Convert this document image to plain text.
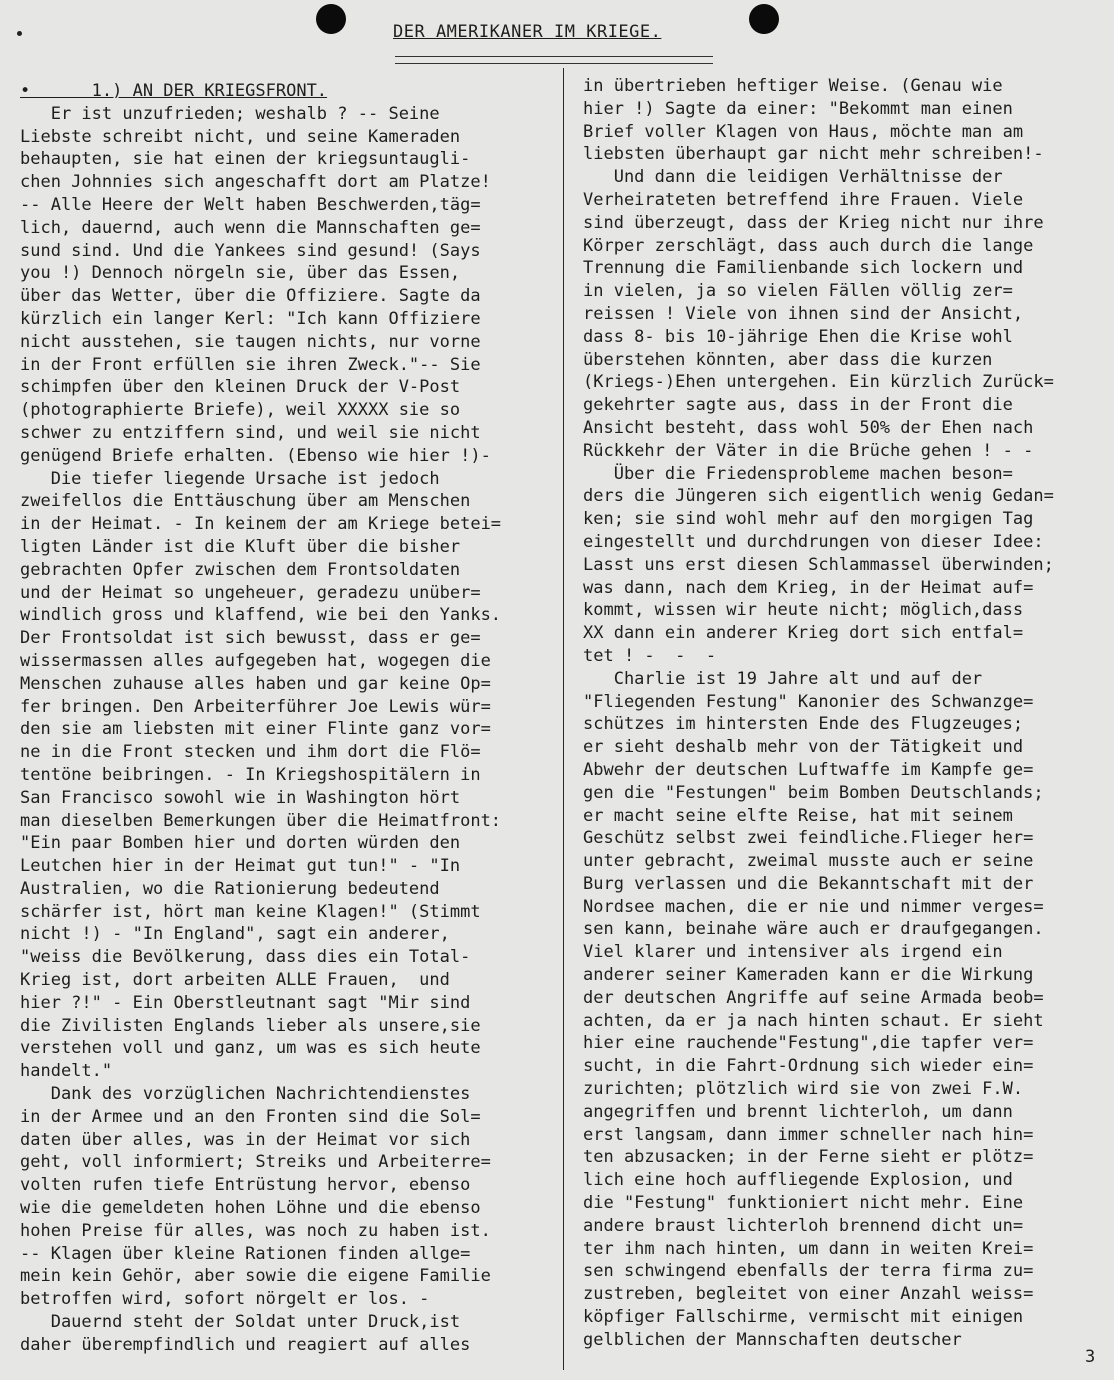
DER AMERIKANER IM KRIEGE.
•      1.) AN DER KRIEGSFRONT.
Er ist unzufrieden; weshalb ? -- Seine
Liebste schreibt nicht, und seine Kameraden
behaupten, sie hat einen der kriegsuntaugli-
chen Johnnies sich angeschafft dort am Platze!
-- Alle Heere der Welt haben Beschwerden,täg=
lich, dauernd, auch wenn die Mannschaften ge=
sund sind. Und die Yankees sind gesund! (Says
you !) Dennoch nörgeln sie, über das Essen,
über das Wetter, über die Offiziere. Sagte da
kürzlich ein langer Kerl: "Ich kann Offiziere
nicht ausstehen, sie taugen nichts, nur vorne
in der Front erfüllen sie ihren Zweck."-- Sie
schimpfen über den kleinen Druck der V-Post
(photographierte Briefe), weil XXXXX sie so
schwer zu entziffern sind, und weil sie nicht
genügend Briefe erhalten. (Ebenso wie hier !)-
Die tiefer liegende Ursache ist jedoch
zweifellos die Enttäuschung über am Menschen
in der Heimat. - In keinem der am Kriege betei=
ligten Länder ist die Kluft über die bisher
gebrachten Opfer zwischen dem Frontsoldaten
und der Heimat so ungeheuer, geradezu unüber=
windlich gross und klaffend, wie bei den Yanks.
Der Frontsoldat ist sich bewusst, dass er ge=
wissermassen alles aufgegeben hat, wogegen die
Menschen zuhause alles haben und gar keine Op=
fer bringen. Den Arbeiterführer Joe Lewis wür=
den sie am liebsten mit einer Flinte ganz vor=
ne in die Front stecken und ihm dort die Flö=
tentöne beibringen. - In Kriegshospitälern in
San Francisco sowohl wie in Washington hört
man dieselben Bemerkungen über die Heimatfront:
"Ein paar Bomben hier und dorten würden den
Leutchen hier in der Heimat gut tun!" - "In
Australien, wo die Rationierung bedeutend
schärfer ist, hört man keine Klagen!" (Stimmt
nicht !) - "In England", sagt ein anderer,
"weiss die Bevölkerung, dass dies ein Total-
Krieg ist, dort arbeiten ALLE Frauen,  und
hier ?!" - Ein Oberstleutnant sagt "Mir sind
die Zivilisten Englands lieber als unsere,sie
verstehen voll und ganz, um was es sich heute
handelt."
Dank des vorzüglichen Nachrichtendienstes
in der Armee und an den Fronten sind die Sol=
daten über alles, was in der Heimat vor sich
geht, voll informiert; Streiks und Arbeiterre=
volten rufen tiefe Entrüstung hervor, ebenso
wie die gemeldeten hohen Löhne und die ebenso
hohen Preise für alles, was noch zu haben ist.
-- Klagen über kleine Rationen finden allge=
mein kein Gehör, aber sowie die eigene Familie
betroffen wird, sofort nörgelt er los. -
Dauernd steht der Soldat unter Druck,ist
daher überempfindlich und reagiert auf alles
in übertrieben heftiger Weise. (Genau wie
hier !) Sagte da einer: "Bekommt man einen
Brief voller Klagen von Haus, möchte man am
liebsten überhaupt gar nicht mehr schreiben!-
Und dann die leidigen Verhältnisse der
Verheirateten betreffend ihre Frauen. Viele
sind überzeugt, dass der Krieg nicht nur ihre
Körper zerschlägt, dass auch durch die lange
Trennung die Familienbande sich lockern und
in vielen, ja so vielen Fällen völlig zer=
reissen ! Viele von ihnen sind der Ansicht,
dass 8- bis 10-jährige Ehen die Krise wohl
überstehen könnten, aber dass die kurzen
(Kriegs-)Ehen untergehen. Ein kürzlich Zurück=
gekehrter sagte aus, dass in der Front die
Ansicht besteht, dass wohl 50% der Ehen nach
Rückkehr der Väter in die Brüche gehen ! - -
Über die Friedensprobleme machen beson=
ders die Jüngeren sich eigentlich wenig Gedan=
ken; sie sind wohl mehr auf den morgigen Tag
eingestellt und durchdrungen von dieser Idee:
Lasst uns erst diesen Schlammassel überwinden;
was dann, nach dem Krieg, in der Heimat auf=
kommt, wissen wir heute nicht; möglich,dass
XX dann ein anderer Krieg dort sich entfal=
tet ! -  -  -
Charlie ist 19 Jahre alt und auf der
"Fliegenden Festung" Kanonier des Schwanzge=
schützes im hintersten Ende des Flugzeuges;
er sieht deshalb mehr von der Tätigkeit und
Abwehr der deutschen Luftwaffe im Kampfe ge=
gen die "Festungen" beim Bomben Deutschlands;
er macht seine elfte Reise, hat mit seinem
Geschütz selbst zwei feindliche.Flieger her=
unter gebracht, zweimal musste auch er seine
Burg verlassen und die Bekanntschaft mit der
Nordsee machen, die er nie und nimmer verges=
sen kann, beinahe wäre auch er draufgegangen.
Viel klarer und intensiver als irgend ein
anderer seiner Kameraden kann er die Wirkung
der deutschen Angriffe auf seine Armada beob=
achten, da er ja nach hinten schaut. Er sieht
hier eine rauchende"Festung",die tapfer ver=
sucht, in die Fahrt-Ordnung sich wieder ein=
zurichten; plötzlich wird sie von zwei F.W.
angegriffen und brennt lichterloh, um dann
erst langsam, dann immer schneller nach hin=
ten abzusacken; in der Ferne sieht er plötz=
lich eine hoch auffliegende Explosion, und
die "Festung" funktioniert nicht mehr. Eine
andere braust lichterloh brennend dicht un=
ter ihm nach hinten, um dann in weiten Krei=
sen schwingend ebenfalls der terra firma zu=
zustreben, begleitet von einer Anzahl weiss=
köpfiger Fallschirme, vermischt mit einigen
gelblichen der Mannschaften deutscher
3
